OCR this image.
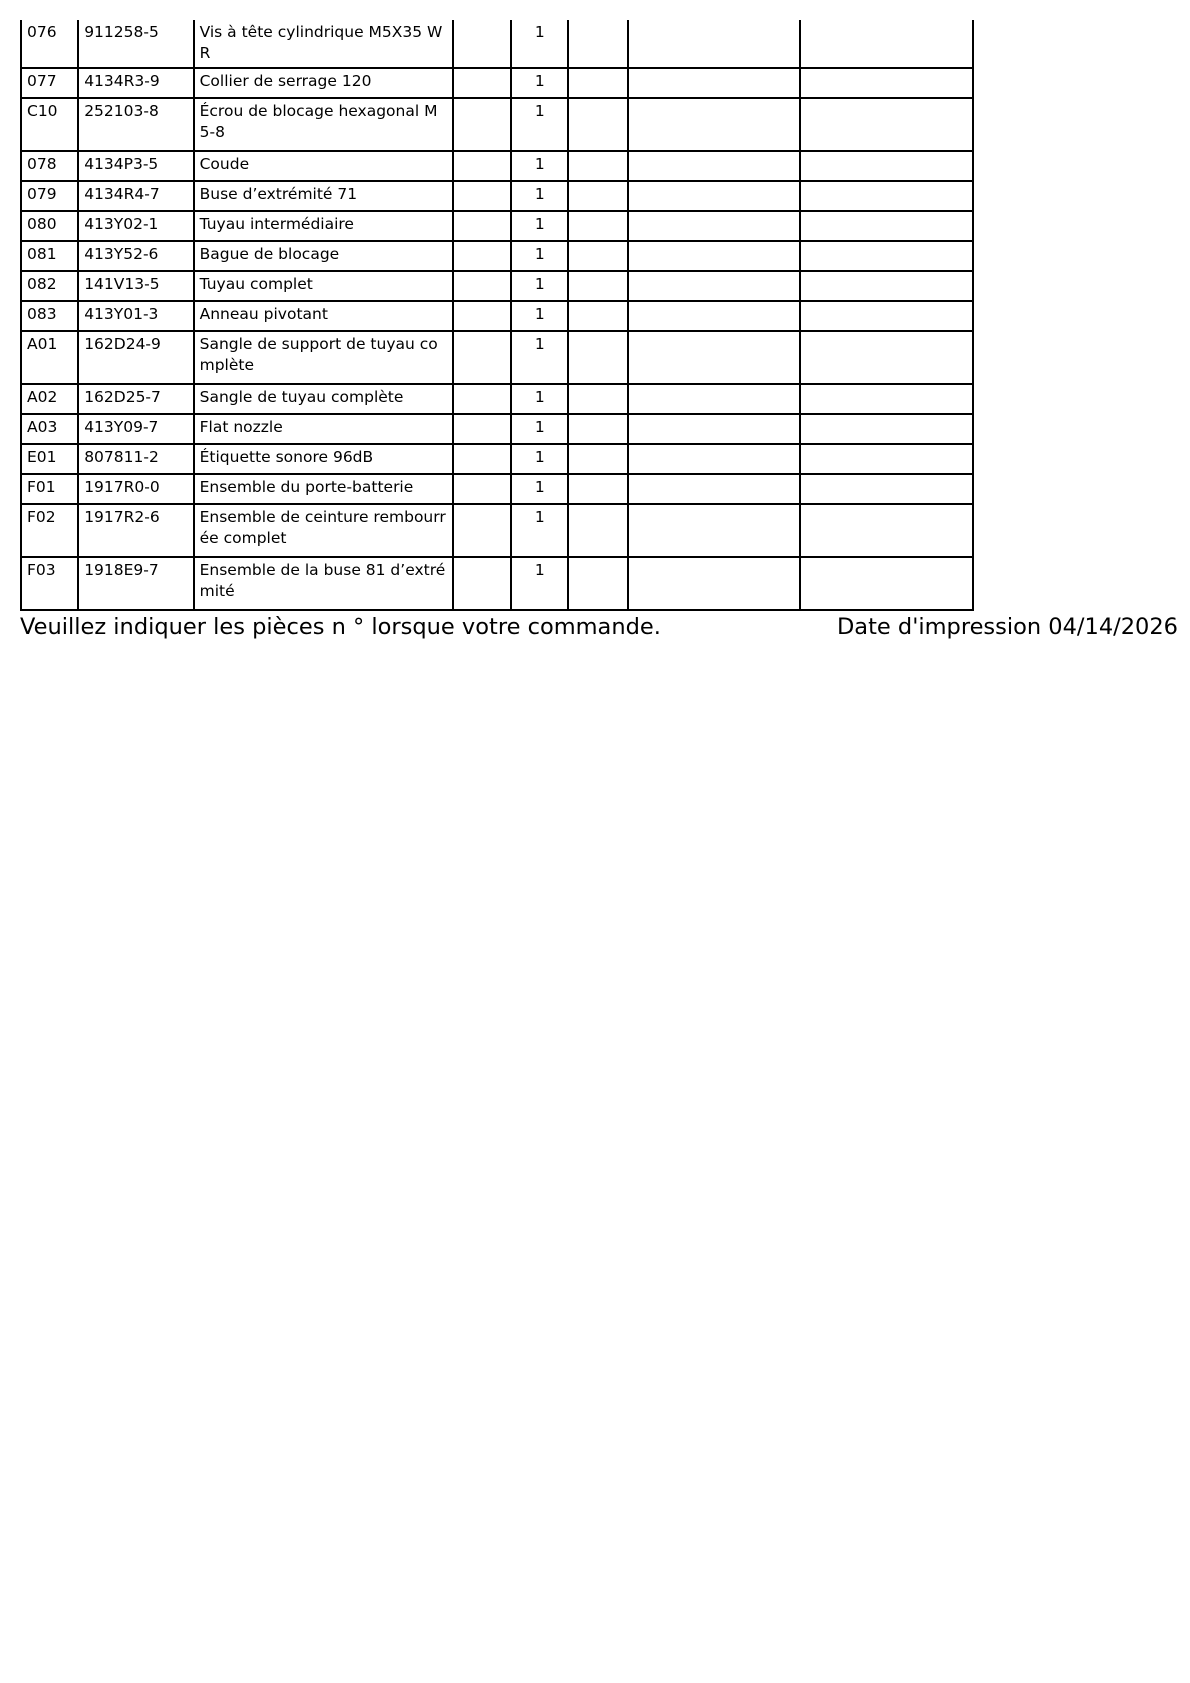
076	911258-5	Vis à tête cylindrique M5X35 WR		1			
077	4134R3-9	Collier de serrage 120		1			
C10	252103-8	Écrou de blocage hexagonal M5-8		1			
078	4134P3-5	Coude		1			
079	4134R4-7	Buse d’extrémité 71		1			
080	413Y02-1	Tuyau intermédiaire		1			
081	413Y52-6	Bague de blocage		1			
082	141V13-5	Tuyau complet		1			
083	413Y01-3	Anneau pivotant		1			
A01	162D24-9	Sangle de support de tuyau complète		1			
A02	162D25-7	Sangle de tuyau complète		1			
A03	413Y09-7	Flat nozzle		1			
E01	807811-2	Étiquette sonore 96dB		1			
F01	1917R0-0	Ensemble du porte-batterie		1			
F02	1917R2-6	Ensemble de ceinture rembourrée complet		1			
F03	1918E9-7	Ensemble de la buse 81 d’extrémité		1			
Veuillez indiquer les pièces n ° lorsque votre commande.	Date d'impression 04/14/2026
